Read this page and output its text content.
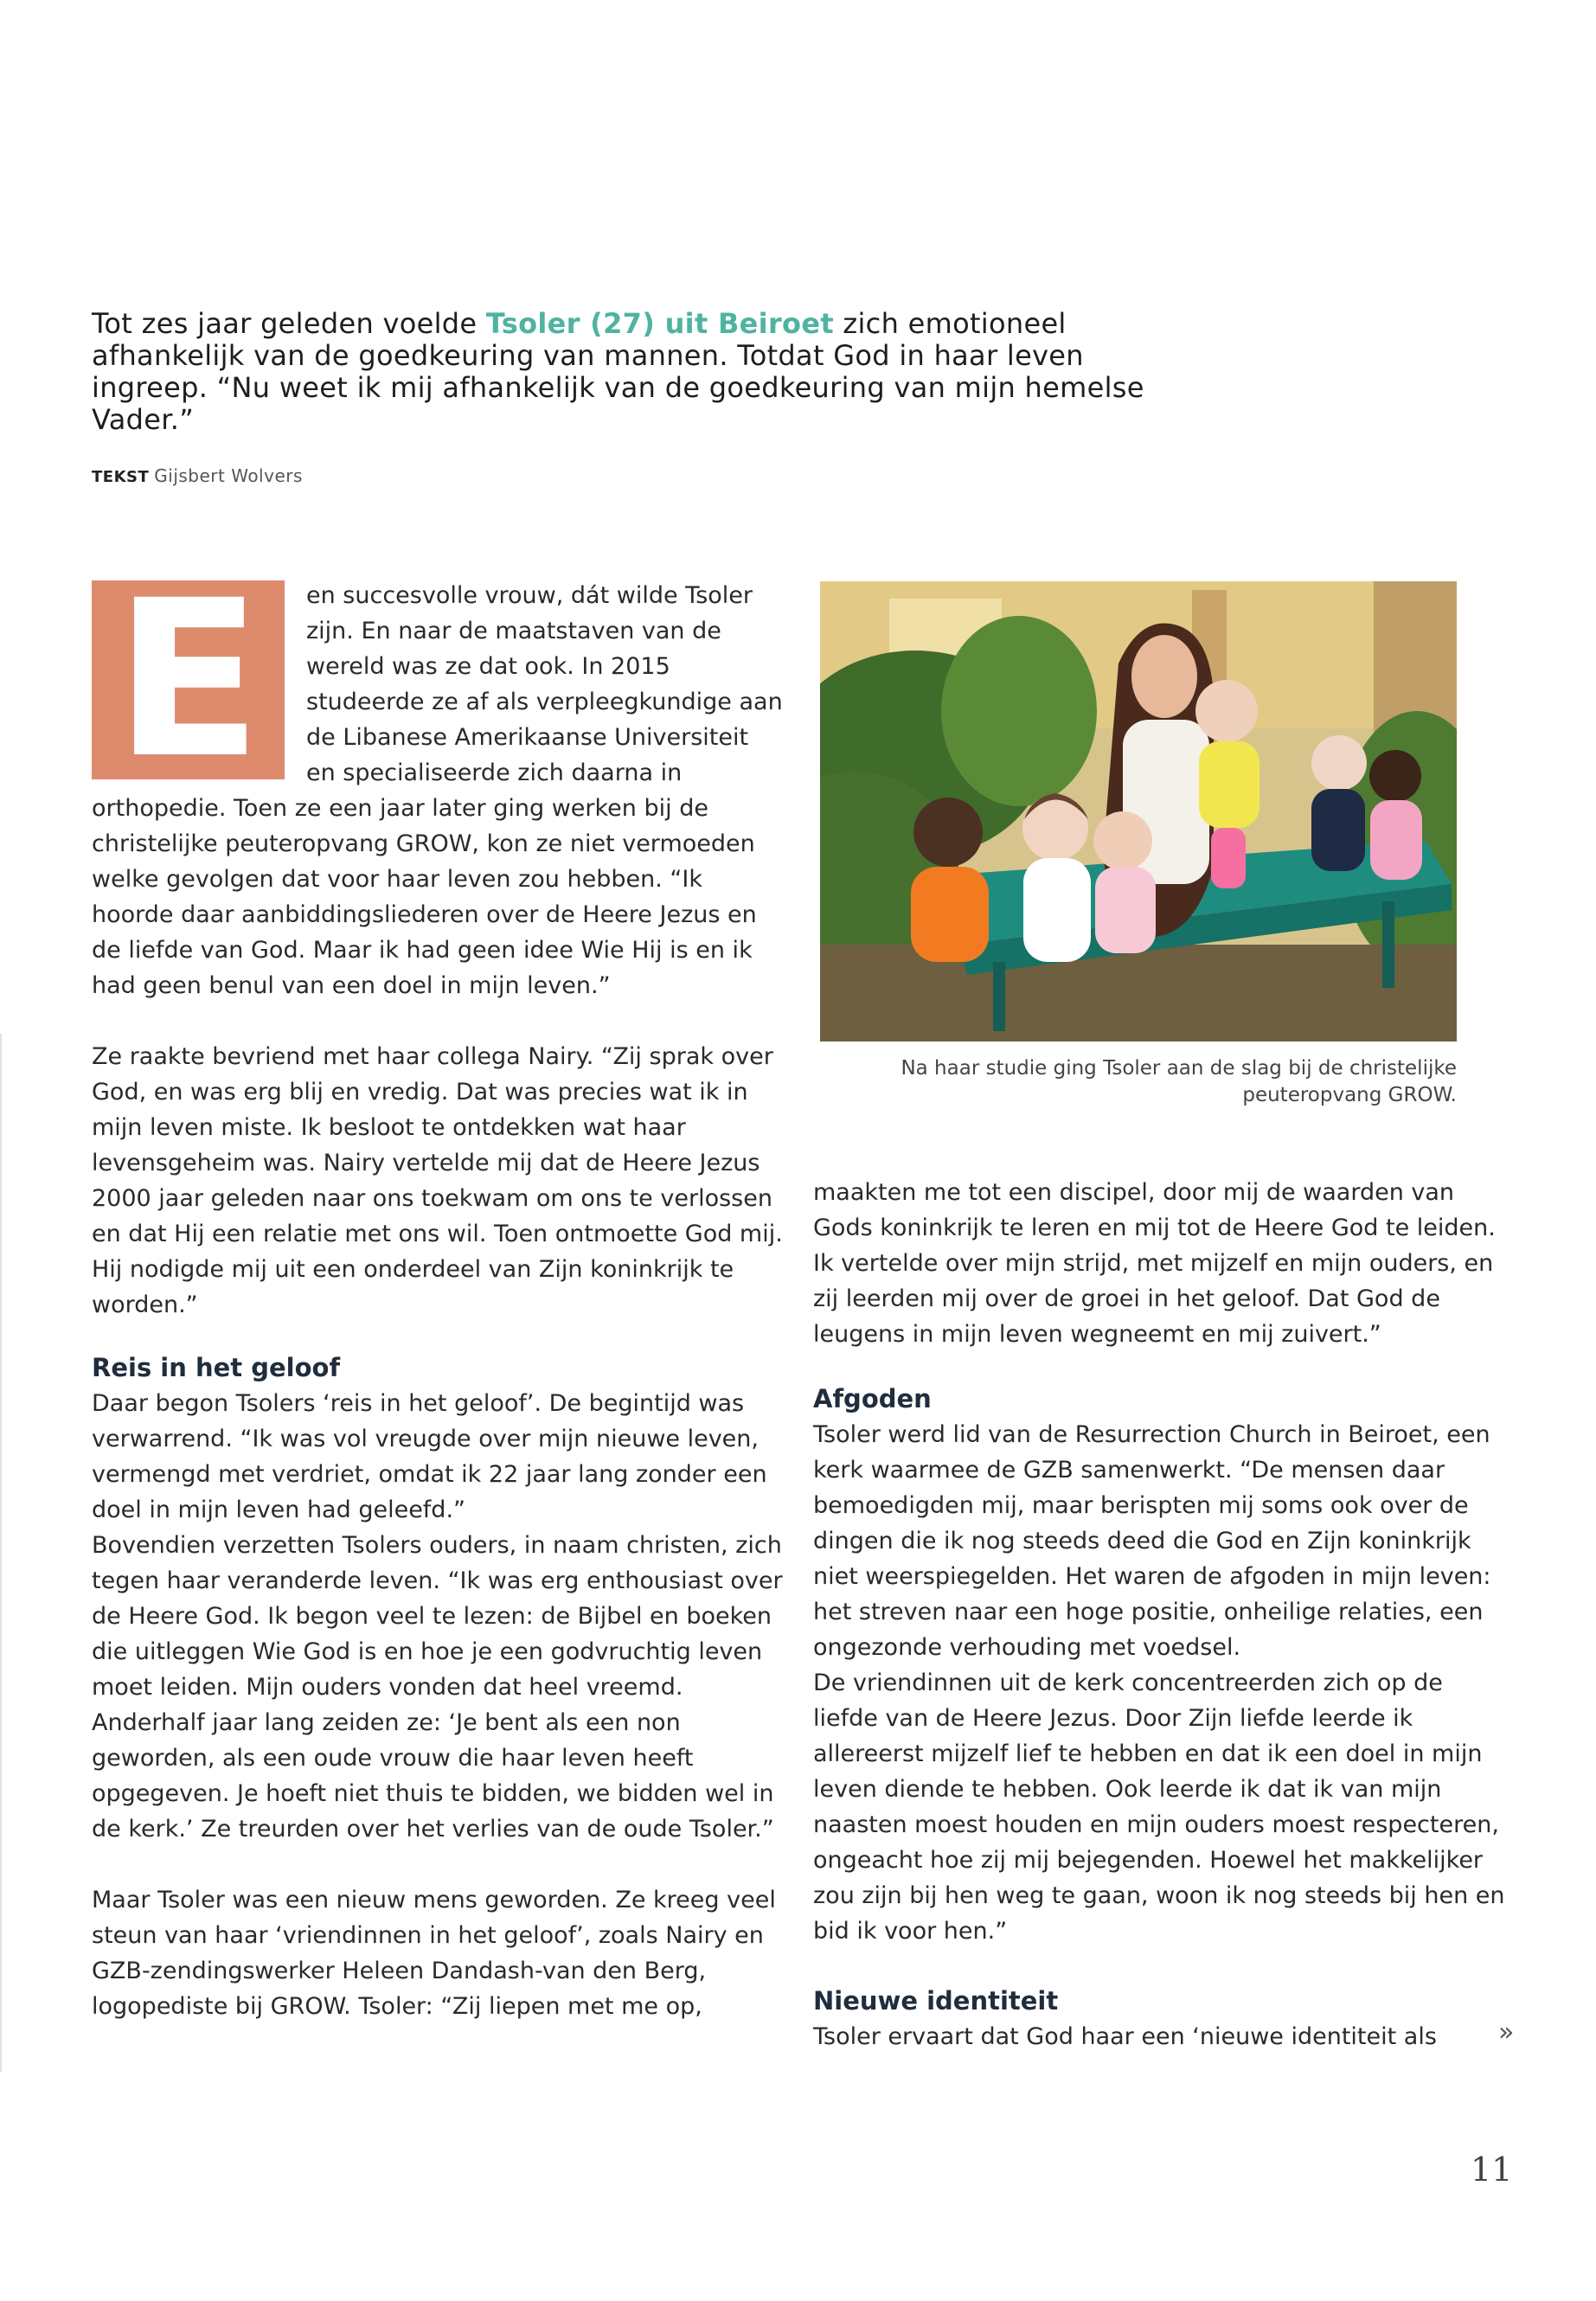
Tot zes jaar geleden voelde Tsoler (27) uit Beiroet zich emotioneel afhankelijk van de goedkeuring van mannen. Totdat God in haar leven ingreep. “Nu weet ik mij afhankelijk van de goedkeuring van mijn hemelse Vader.”

TEKST Gijsbert Wolvers
E	en succesvolle vrouw, dát wilde Tsoler zijn. En naar de maatstaven van de wereld was ze dat ook. In 2015 studeerde ze af als verpleegkundige aan de Libanese Amerikaanse Universiteit en specialiseerde zich daarna in orthopedie. Toen ze een jaar later ging werken bij de christelijke peuteropvang GROW, kon ze niet vermoeden welke gevolgen dat voor haar leven zou hebben. “Ik hoorde daar aanbiddingsliederen over de Heere Jezus en de liefde van God. Maar ik had geen idee Wie Hij is en ik had geen benul van een doel in mijn leven.”

Ze raakte bevriend met haar collega Nairy. “Zij sprak over God, en was erg blij en vredig. Dat was precies wat ik in mijn leven miste. Ik besloot te ontdekken wat haar levensgeheim was. Nairy vertelde mij dat de Heere Jezus 2000 jaar geleden naar ons toekwam om ons te verlossen en dat Hij een relatie met ons wil. Toen ontmoette God mij. Hij nodigde mij uit een onderdeel van Zijn koninkrijk te worden.”

Reis in het geloof

Daar begon Tsolers ‘reis in het geloof’. De begintijd was verwarrend. “Ik was vol vreugde over mijn nieuwe leven, vermengd met verdriet, omdat ik 22 jaar lang zonder een doel in mijn leven had geleefd.”

Bovendien verzetten Tsolers ouders, in naam christen, zich tegen haar veranderde leven. “Ik was erg enthousiast over de Heere God. Ik begon veel te lezen: de Bijbel en boeken die uitleggen Wie God is en hoe je een godvruchtig leven moet leiden. Mijn ouders vonden dat heel vreemd. Anderhalf jaar lang zeiden ze: ‘Je bent als een non geworden, als een oude vrouw die haar leven heeft opgegeven. Je hoeft niet thuis te bidden, we bidden wel in de kerk.’ Ze treurden over het verlies van de oude Tsoler.”

Maar Tsoler was een nieuw mens geworden. Ze kreeg veel steun van haar ‘vriendinnen in het geloof’, zoals Nairy en GZB-zendingswerker Heleen Dandash-van den Berg, logopediste bij GROW. Tsoler: “Zij liepen met me op,

Na haar studie ging Tsoler aan de slag bij de christelijke peuteropvang GROW.

maakten me tot een discipel, door mij de waarden van Gods koninkrijk te leren en mij tot de Heere God te leiden. Ik vertelde over mijn strijd, met mijzelf en mijn ouders, en zij leerden mij over de groei in het geloof. Dat God de leugens in mijn leven wegneemt en mij zuivert.”

Afgoden

Tsoler werd lid van de Resurrection Church in Beiroet, een kerk waarmee de GZB samenwerkt. “De mensen daar bemoedigden mij, maar berispten mij soms ook over de dingen die ik nog steeds deed die God en Zijn koninkrijk niet weerspiegelden. Het waren de afgoden in mijn leven: het streven naar een hoge positie, onheilige relaties, een ongezonde verhouding met voedsel.

De vriendinnen uit de kerk concentreerden zich op de liefde van de Heere Jezus. Door Zijn liefde leerde ik allereerst mijzelf lief te hebben en dat ik een doel in mijn leven diende te hebben. Ook leerde ik dat ik van mijn naasten moest houden en mijn ouders moest respecteren, ongeacht hoe zij mij bejegenden. Hoewel het makkelijker zou zijn bij hen weg te gaan, woon ik nog steeds bij hen en bid ik voor hen.”

Nieuwe identiteit

Tsoler ervaart dat God haar een ‘nieuwe identiteit als	»
11
